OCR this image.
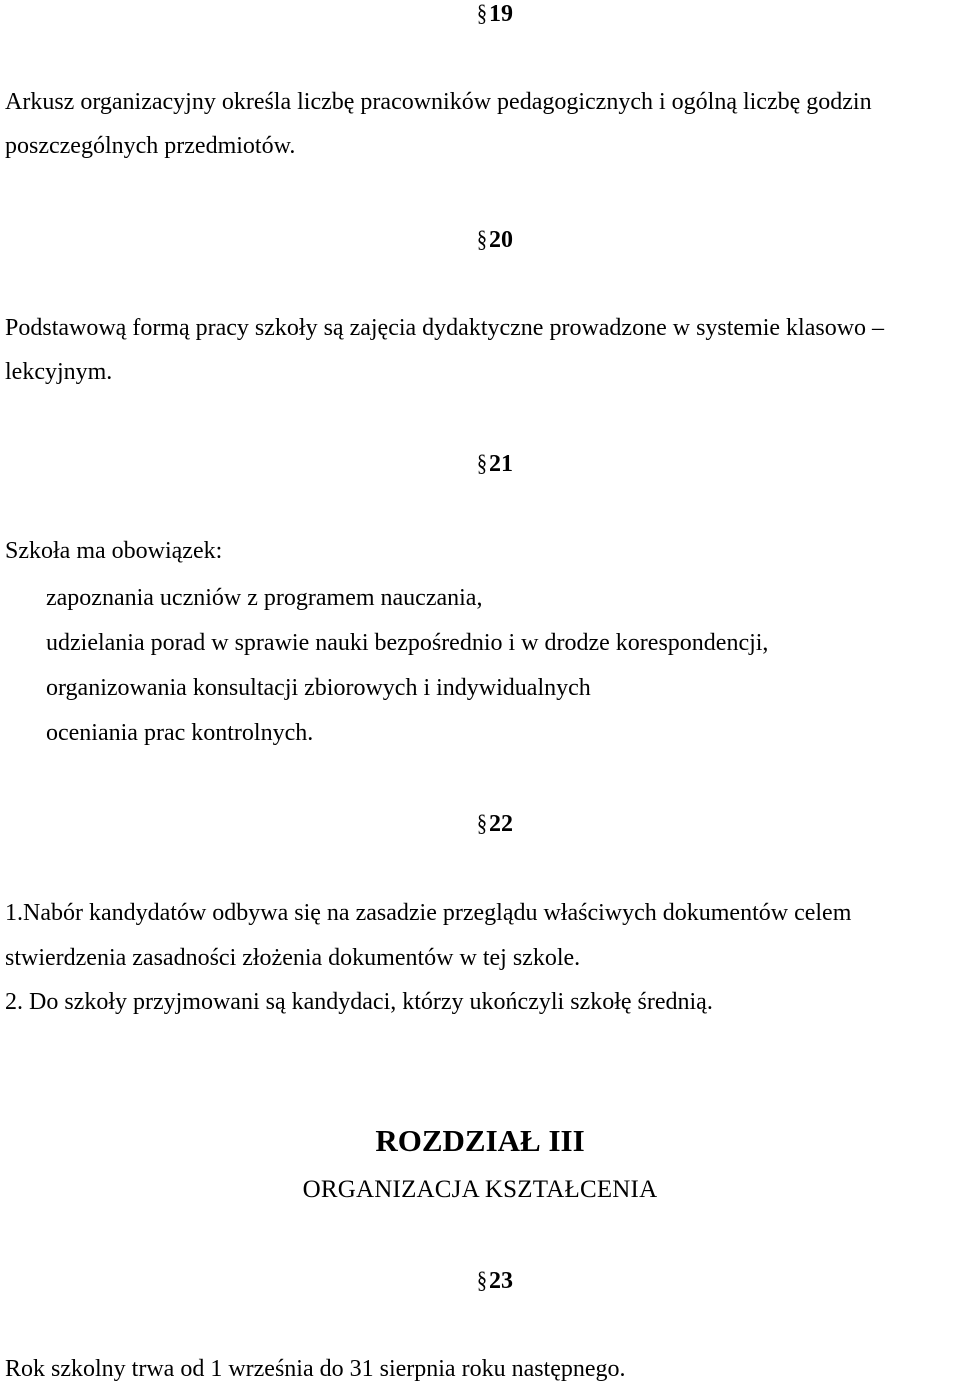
§19
Arkusz organizacyjny określa liczbę pracowników pedagogicznych i ogólną liczbę godzin
poszczególnych przedmiotów.
§20
Podstawową formą pracy szkoły są zajęcia dydaktyczne prowadzone w systemie klasowo –
lekcyjnym.
§21
Szkoła ma obowiązek:
zapoznania uczniów z programem nauczania,
udzielania porad w sprawie nauki bezpośrednio i w drodze korespondencji,
organizowania konsultacji zbiorowych i indywidualnych
oceniania prac kontrolnych.
§22
1.Nabór kandydatów odbywa się na zasadzie przeglądu właściwych dokumentów celem
stwierdzenia zasadności złożenia dokumentów w tej szkole.
2. Do szkoły przyjmowani są kandydaci, którzy ukończyli szkołę średnią.
ROZDZIAŁ III
ORGANIZACJA KSZTAŁCENIA
§23
Rok szkolny trwa od 1 września do 31 sierpnia roku następnego.
